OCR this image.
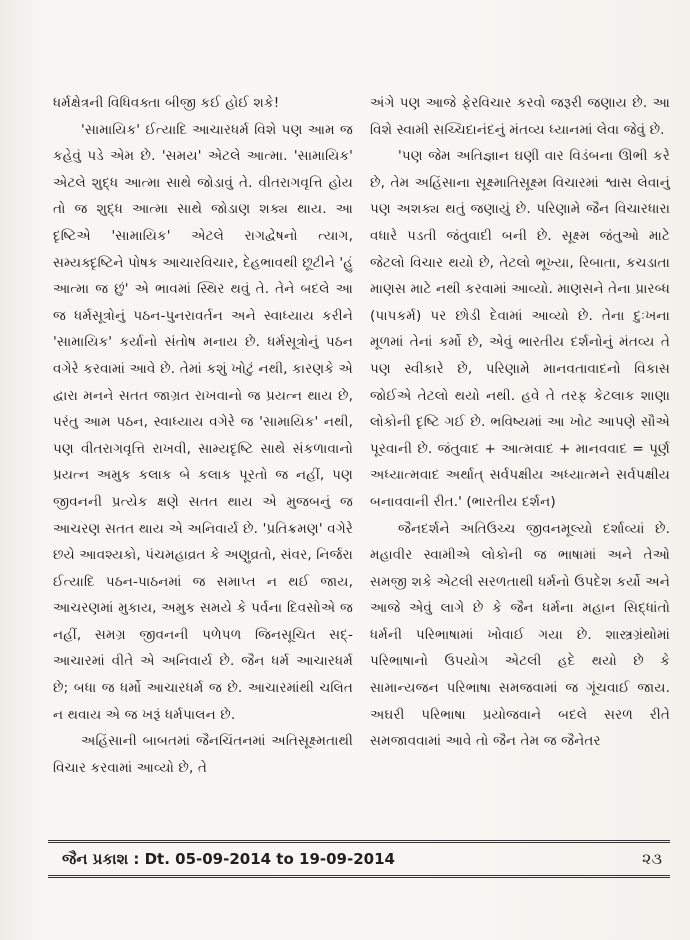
ધર્મક્ષેત્રની વિધિવક્તા બીજી કઈ હોઈ શકે!

'સામાયિક' ઈત્યાદિ આચારધર્મ વિશે પણ આમ જ કહેવું પડે એમ છે. 'સમય' એટલે આત્મા. 'સામાયિક' એટલે શુદ્ધ આત્મા સાથે જોડાવું તે. વીતરાગવૃત્તિ હોય તો જ શુદ્ધ આત્મા સાથે જોડાણ શક્ય થાય. આ દૃષ્ટિએ 'સામાયિક' એટલે રાગદ્વેષનો ત્યાગ, સમ્યક્દૃષ્ટિને પોષક આચારવિચાર, દેહભાવથી છૂટીને 'હું આત્મા જ છું' એ ભાવમાં સ્થિર થવું તે. તેને બદલે આ જ ધર્મસૂત્રોનું પઠન-પુનરાવર્તન અને સ્વાધ્યાય કરીને 'સામાયિક' કર્યાનો સંતોષ મનાય છે. ધર્મસૂત્રોનું પઠન વગેરે કરવામાં આવે છે. તેમાં કશું ખોટું નથી, કારણકે એ દ્વારા મનને સતત જાગ્રત રાખવાનો જ પ્રયત્ન થાય છે, પરંતુ આમ પઠન, સ્વાધ્યાય વગેરે જ 'સામાયિક' નથી, પણ વીતરાગવૃત્તિ રાખવી, સામ્યદૃષ્ટિ સાથે સંકળાવાનો પ્રયત્ન અમુક કલાક બે કલાક પૂરતો જ નહીં, પણ જીવનની પ્રત્યેક ક્ષણે સતત થાય એ મુજબનું જ આચરણ સતત થાય એ અનિવાર્ય છે. 'પ્રતિક્રમણ' વગેરે છયે આવશ્યકો, પંચમહાવ્રત કે અણુવ્રતો, સંવર, નિર્જરા ઈત્યાદિ પઠન-પાઠનમાં જ સમાપ્ત ન થઈ જાય, આચરણમાં મુકાય, અમુક સમયે કે પર્વના દિવસોએ જ નહીં, સમગ્ર જીવનની પળેપળ જિનસૂચિત સદ્-આચારમાં વીતે એ અનિવાર્ય છે. જૈન ધર્મ આચારધર્મ છે; બધા જ ધર્મો આચારધર્મ જ છે. આચારમાંથી ચલિત ન થવાય એ જ ખરૂં ધર્મપાલન છે.

અહિંસાની બાબતમાં જૈનચિંતનમાં અતિસૂક્ષ્મતાથી વિચાર કરવામાં આવ્યો છે, તે

અંગે પણ આજે ફેરવિચાર કરવો જરૂરી જણાય છે. આ વિશે સ્વામી સચ્ચિદાનંદનું મંતવ્ય ધ્યાનમાં લેવા જેવું છે.

'પણ જેમ અતિજ્ઞાન ઘણી વાર વિડંબના ઊભી કરે છે, તેમ અહિંસાના સૂક્ષ્માતિસૂક્ષ્મ વિચારમાં શ્વાસ લેવાનું પણ અશક્ય થતું જણાયું છે. પરિણામે જૈન વિચારધારા વધારે પડતી જંતુવાદી બની છે. સૂક્ષ્મ જંતુઓ માટે જેટલો વિચાર થયો છે, તેટલો ભૂખ્યા, રિબાતા, કચડાતા માણસ માટે નથી કરવામાં આવ્યો. માણસને તેના પ્રારબ્ધ (પાપકર્મ) પર છોડી દેવામાં આવ્યો છે. તેના દુઃખના મૂળમાં તેનાં કર્મો છે, એવું ભારતીય દર્શનોનું મંતવ્ય તે પણ સ્વીકારે છે, પરિણામે માનવતાવાદનો વિકાસ જોઈએ તેટલો થયો નથી. હવે તે તરફ કેટલાક શાણા લોકોની દૃષ્ટિ ગઈ છે. ભવિષ્યમાં આ ખોટ આપણે સૌએ પૂરવાની છે. જંતુવાદ + આત્મવાદ + માનવવાદ = પૂર્ણ અધ્યાત્મવાદ અર્થાત્ સર્વપક્ષીય અધ્યાત્મને સર્વપક્ષીય બનાવવાની રીત.' (ભારતીય દર્શન)

જૈનદર્શને અતિઉચ્ચ જીવનમૂલ્યો દર્શાવ્યાં છે. મહાવીર સ્વામીએ લોકોની જ ભાષામાં અને તેઓ સમજી શકે એટલી સરળતાથી ધર્મનો ઉપદેશ કર્યો અને આજે એવું લાગે છે કે જૈન ધર્મના મહાન સિદ્ધાંતો ધર્મની પરિભાષામાં ખોવાઈ ગયા છે. શાસ્ત્રગ્રંથોમાં પરિભાષાનો ઉપયોગ એટલી હદે થયો છે કે સામાન્યજન પરિભાષા સમજવામાં જ ગૂંચવાઈ જાય. અઘરી પરિભાષા પ્રયોજવાને બદલે સરળ રીતે સમજાવવામાં આવે તો જૈન તેમ જ જૈનેતર

જૈન પ્રકાશ : Dt. 05-09-2014 to 19-09-2014	૨૩
